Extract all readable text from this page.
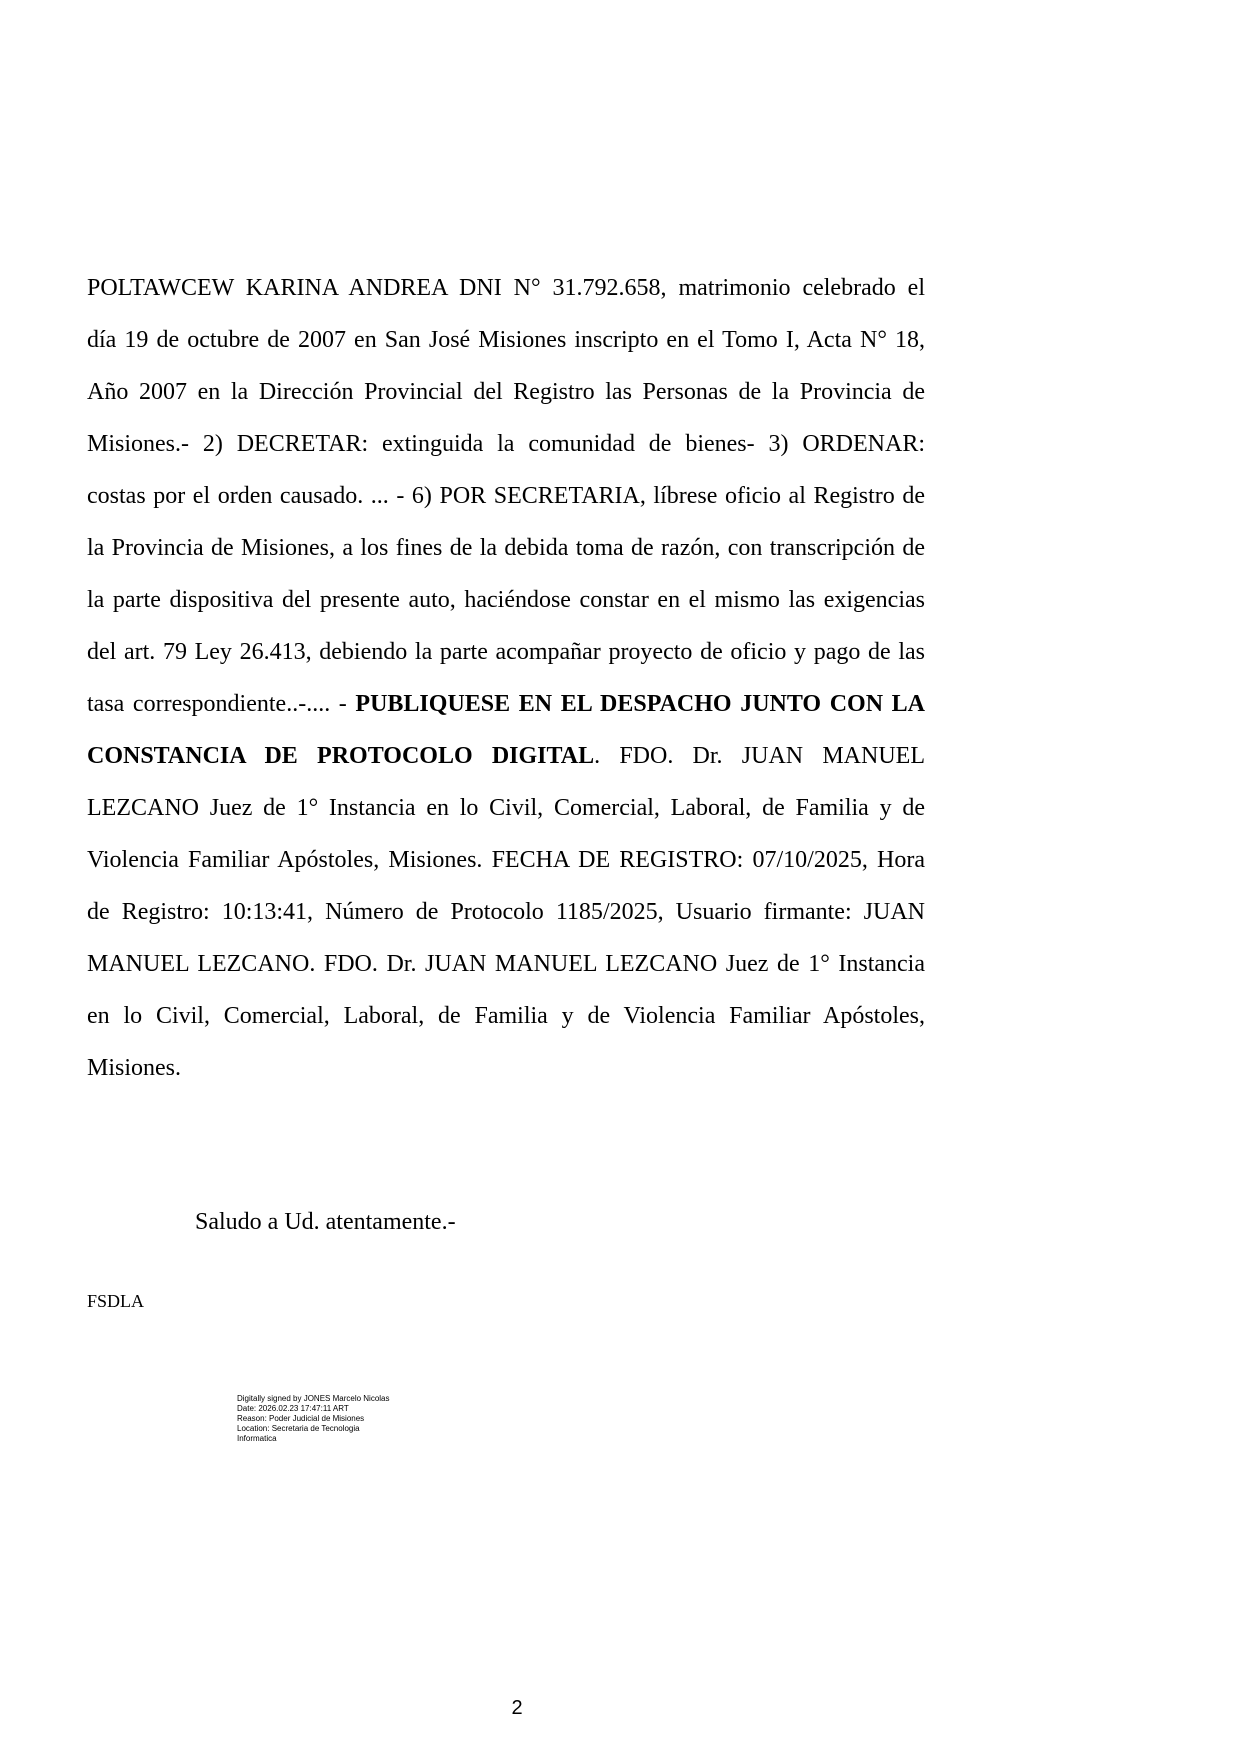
POLTAWCEW KARINA ANDREA DNI N° 31.792.658, matrimonio celebrado el
día 19 de octubre de 2007 en San José Misiones inscripto en el Tomo I, Acta N° 18,
Año 2007 en la Dirección Provincial del Registro las Personas de la Provincia de
Misiones.- 2) DECRETAR: extinguida la comunidad de bienes- 3) ORDENAR:
costas por el orden causado. ... - 6) POR SECRETARIA, líbrese oficio al Registro de
la Provincia de Misiones, a los fines de la debida toma de razón, con transcripción de
la parte dispositiva del presente auto, haciéndose constar en el mismo las exigencias
del art. 79 Ley 26.413, debiendo la parte acompañar proyecto de oficio y pago de las
tasa correspondiente..-.... - PUBLIQUESE EN EL DESPACHO JUNTO CON LA
CONSTANCIA DE PROTOCOLO DIGITAL. FDO. Dr. JUAN MANUEL
LEZCANO Juez de 1° Instancia en lo Civil, Comercial, Laboral, de Familia y de
Violencia Familiar Apóstoles, Misiones. FECHA DE REGISTRO: 07/10/2025, Hora
de Registro: 10:13:41, Número de Protocolo 1185/2025, Usuario firmante: JUAN
MANUEL LEZCANO. FDO. Dr. JUAN MANUEL LEZCANO Juez de 1° Instancia
en lo Civil, Comercial, Laboral, de Familia y de Violencia Familiar Apóstoles,
Misiones.
Saludo a Ud. atentamente.-
FSDLA
Digitally signed by JONES Marcelo Nicolas
Date: 2026.02.23 17:47:11 ART
Reason: Poder Judicial de Misiones
Location: Secretaria de Tecnologia
Informatica
2
